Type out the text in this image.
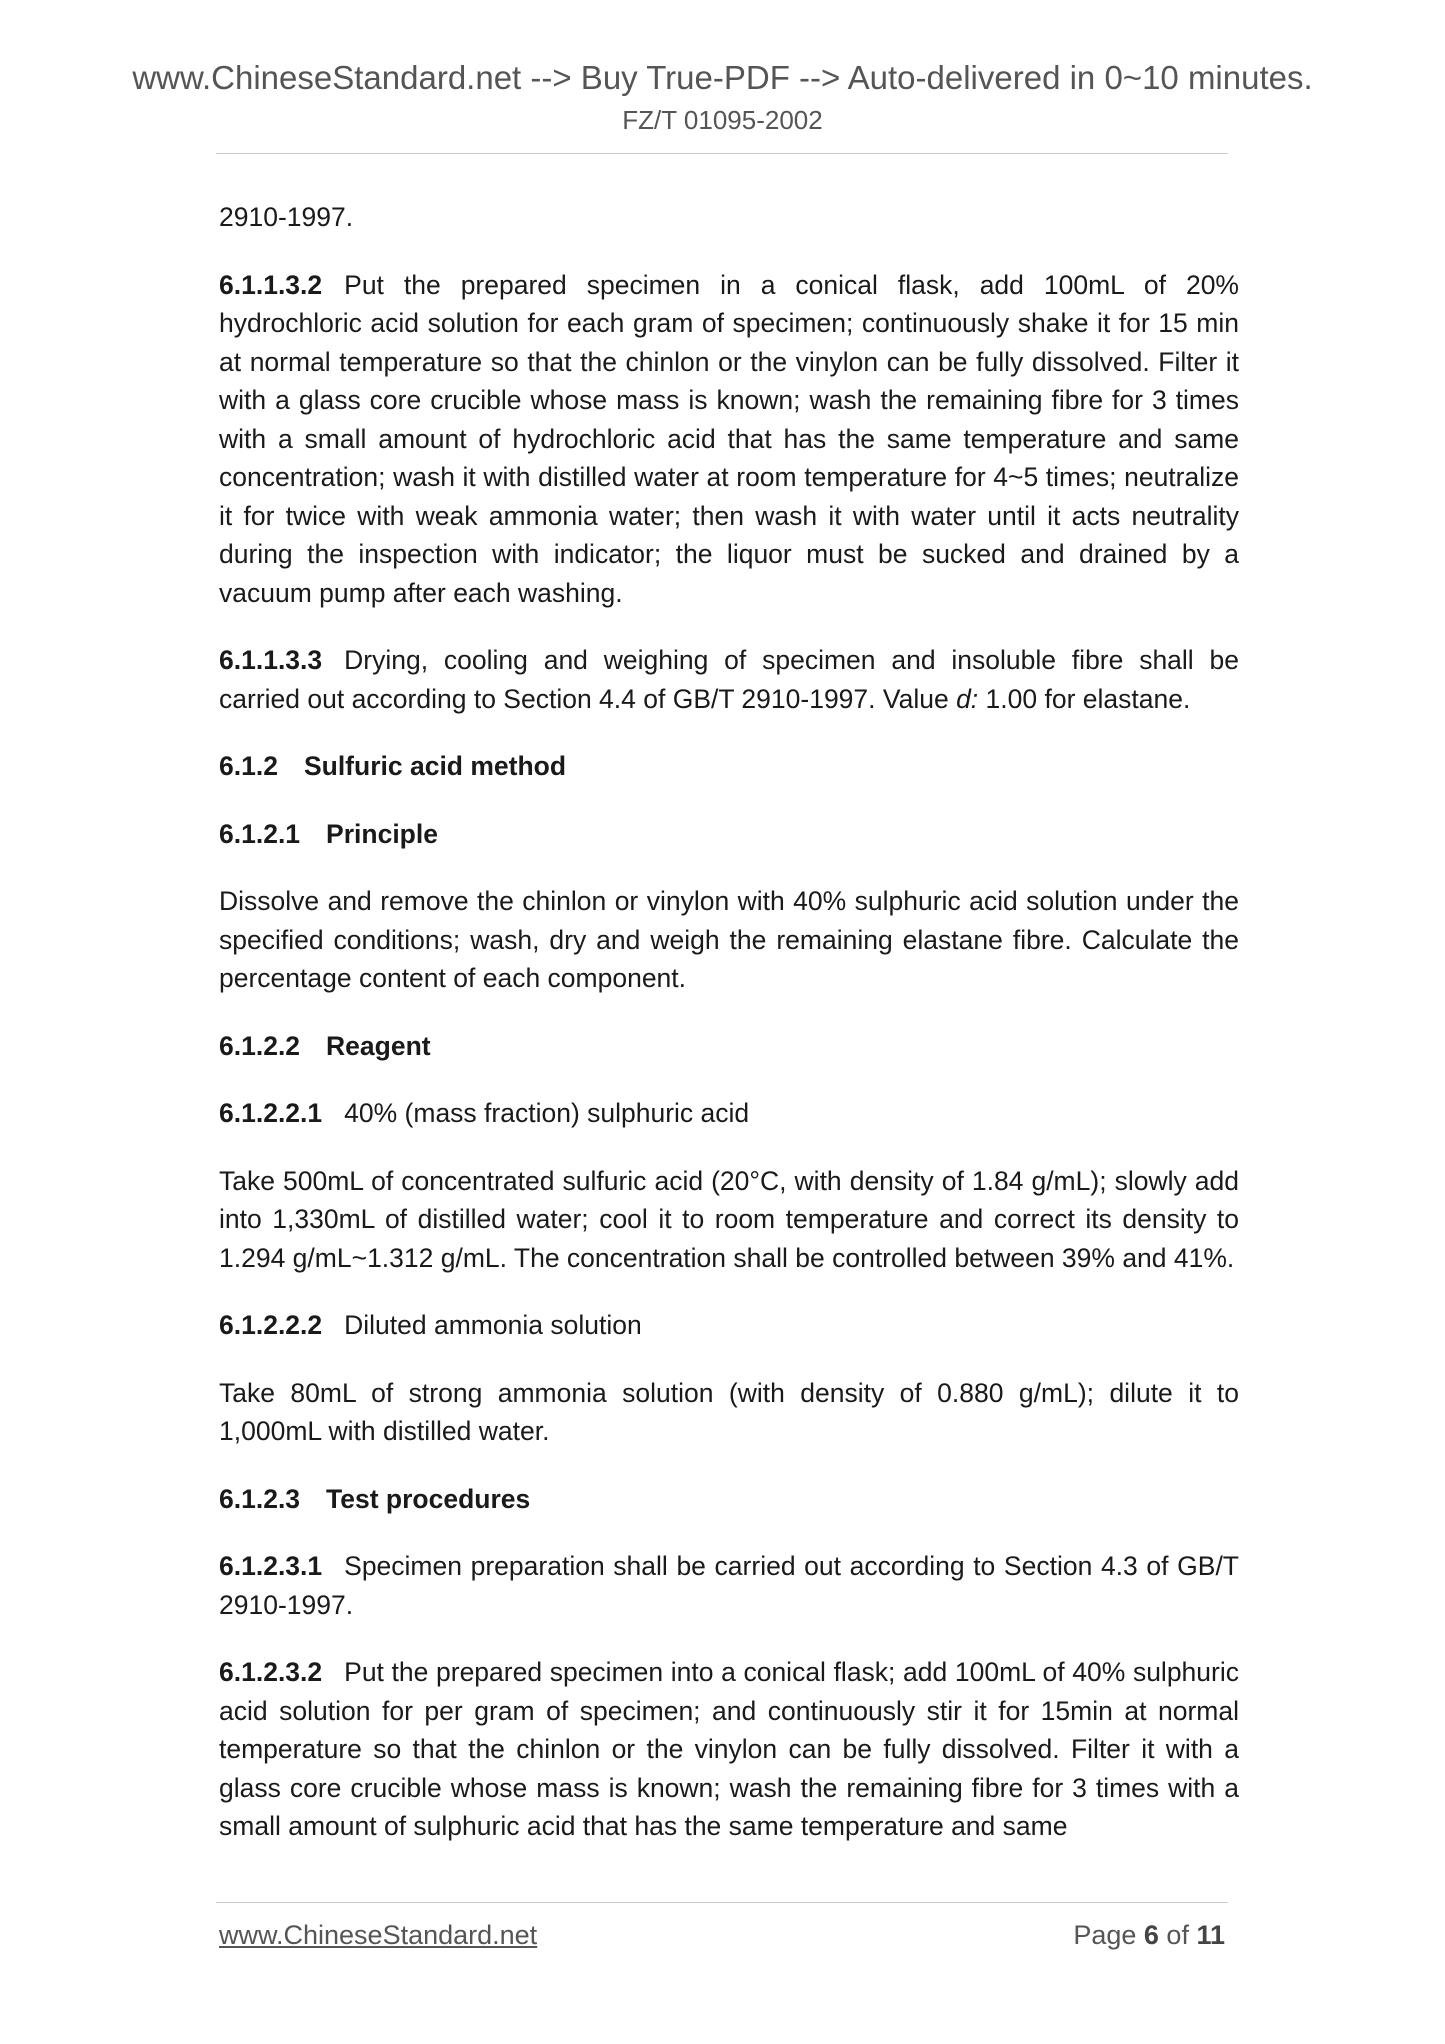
www.ChineseStandard.net --> Buy True-PDF --> Auto-delivered in 0~10 minutes.
FZ/T 01095-2002

2910-1997.

6.1.1.3.2 Put the prepared specimen in a conical flask, add 100mL of 20% hydrochloric acid solution for each gram of specimen; continuously shake it for 15 min at normal temperature so that the chinlon or the vinylon can be fully dissolved. Filter it with a glass core crucible whose mass is known; wash the remaining fibre for 3 times with a small amount of hydrochloric acid that has the same temperature and same concentration; wash it with distilled water at room temperature for 4~5 times; neutralize it for twice with weak ammonia water; then wash it with water until it acts neutrality during the inspection with indicator; the liquor must be sucked and drained by a vacuum pump after each washing.

6.1.1.3.3 Drying, cooling and weighing of specimen and insoluble fibre shall be carried out according to Section 4.4 of GB/T 2910-1997. Value d: 1.00 for elastane.

6.1.2 Sulfuric acid method

6.1.2.1 Principle

Dissolve and remove the chinlon or vinylon with 40% sulphuric acid solution under the specified conditions; wash, dry and weigh the remaining elastane fibre. Calculate the percentage content of each component.

6.1.2.2 Reagent

6.1.2.2.1 40% (mass fraction) sulphuric acid

Take 500mL of concentrated sulfuric acid (20°C, with density of 1.84 g/mL); slowly add into 1,330mL of distilled water; cool it to room temperature and correct its density to 1.294 g/mL~1.312 g/mL. The concentration shall be controlled between 39% and 41%.

6.1.2.2.2 Diluted ammonia solution

Take 80mL of strong ammonia solution (with density of 0.880 g/mL); dilute it to 1,000mL with distilled water.

6.1.2.3 Test procedures

6.1.2.3.1 Specimen preparation shall be carried out according to Section 4.3 of GB/T 2910-1997.

6.1.2.3.2 Put the prepared specimen into a conical flask; add 100mL of 40% sulphuric acid solution for per gram of specimen; and continuously stir it for 15min at normal temperature so that the chinlon or the vinylon can be fully dissolved. Filter it with a glass core crucible whose mass is known; wash the remaining fibre for 3 times with a small amount of sulphuric acid that has the same temperature and same

www.ChineseStandard.net	Page 6 of 11
